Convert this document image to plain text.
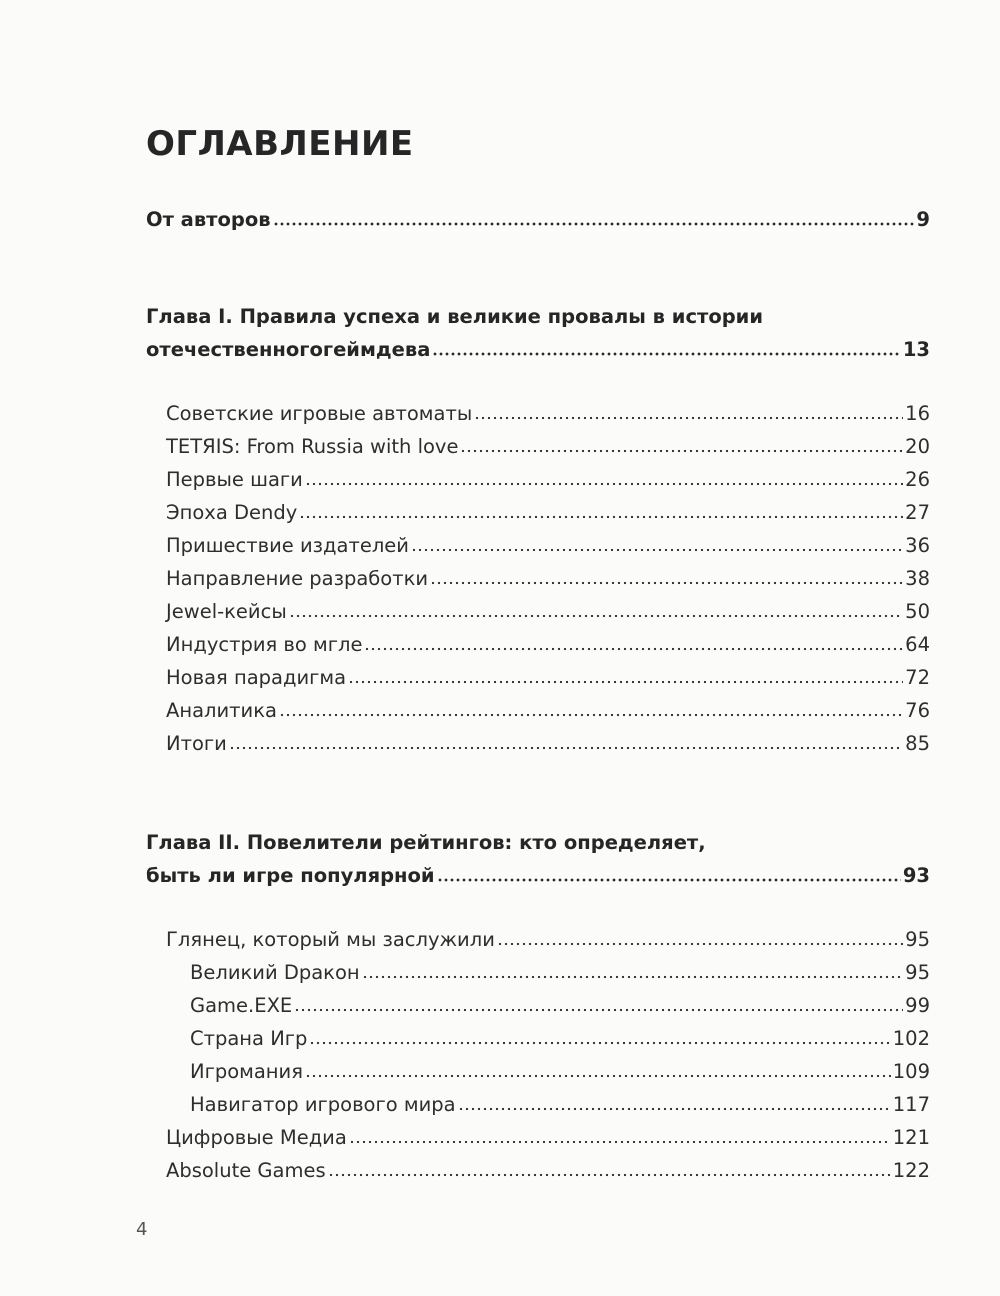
ОГЛАВЛЕНИЕ
От авторов	9
Глава I. Правила успеха и великие провалы в истории
отечественногогеймдева	13
Советские игровые автоматы	16
TETЯIS: From Russia with love	20
Первые шаги	26
Эпоха Dendy	27
Пришествие издателей	36
Направление разработки	38
Jewel-кейсы	50
Индустрия во мгле	64
Новая парадигма	72
Аналитика	76
Итоги	85
Глава II. Повелители рейтингов: кто определяет,
быть ли игре популярной	93
Глянец, который мы заслужили	95
Великий Dракон	95
Game.EXE	99
Страна Игр	102
Игромания	109
Навигатор игрового мира	117
Цифровые Медиа	121
Absolute Games	122
4
